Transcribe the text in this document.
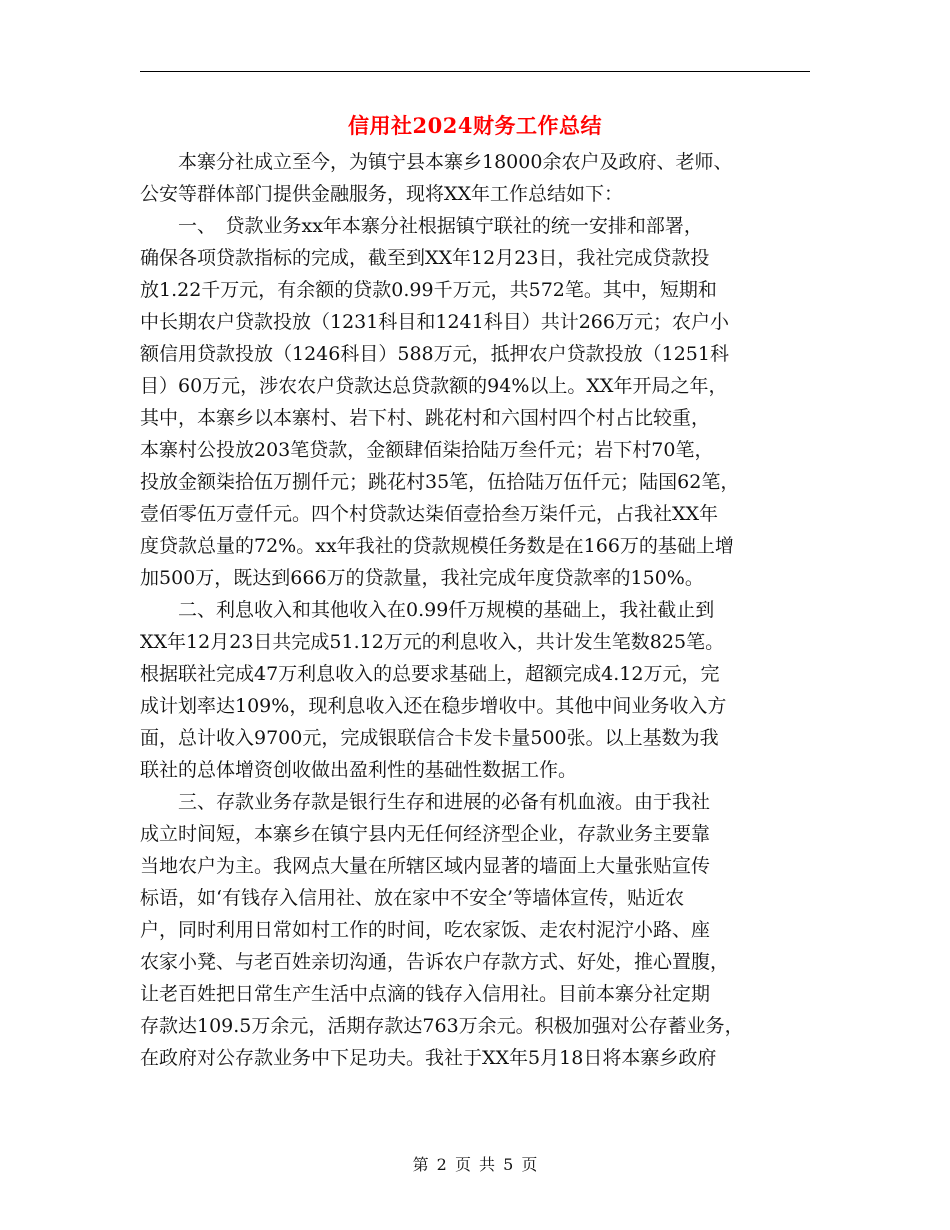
信用社2024财务工作总结
　　本寨分社成立至今，为镇宁县本寨乡18000余农户及政府、老师、
公安等群体部门提供金融服务，现将XX年工作总结如下：
　　一、　贷款业务xx年本寨分社根据镇宁联社的统一安排和部署，
确保各项贷款指标的完成，截至到XX年12月23日，我社完成贷款投
放1.22千万元，有余额的贷款0.99千万元，共572笔。其中，短期和
中长期农户贷款投放（1231科目和1241科目）共计266万元；农户小
额信用贷款投放（1246科目）588万元，抵押农户贷款投放（1251科
目）60万元，涉农农户贷款达总贷款额的94%以上。XX年开局之年，
其中，本寨乡以本寨村、岩下村、跳花村和六国村四个村占比较重，
本寨村公投放203笔贷款，金额肆佰柒拾陆万叁仟元；岩下村70笔，
投放金额柒拾伍万捌仟元；跳花村35笔，伍拾陆万伍仟元；陆国62笔，
壹佰零伍万壹仟元。四个村贷款达柒佰壹拾叁万柒仟元，占我社XX年
度贷款总量的72%。xx年我社的贷款规模任务数是在166万的基础上增
加500万，既达到666万的贷款量，我社完成年度贷款率的150%。
　　二、利息收入和其他收入在0.99仟万规模的基础上，我社截止到
XX年12月23日共完成51.12万元的利息收入，共计发生笔数825笔。
根据联社完成47万利息收入的总要求基础上，超额完成4.12万元，完
成计划率达109%，现利息收入还在稳步增收中。其他中间业务收入方
面，总计收入9700元，完成银联信合卡发卡量500张。以上基数为我
联社的总体增资创收做出盈利性的基础性数据工作。
　　三、存款业务存款是银行生存和进展的必备有机血液。由于我社
成立时间短，本寨乡在镇宁县内无任何经济型企业，存款业务主要靠
当地农户为主。我网点大量在所辖区域内显著的墙面上大量张贴宣传
标语，如‘有钱存入信用社、放在家中不安全’等墙体宣传，贴近农
户，同时利用日常如村工作的时间，吃农家饭、走农村泥泞小路、座
农家小凳、与老百姓亲切沟通，告诉农户存款方式、好处，推心置腹，
让老百姓把日常生产生活中点滴的钱存入信用社。目前本寨分社定期
存款达109.5万余元，活期存款达763万余元。积极加强对公存蓄业务，
在政府对公存款业务中下足功夫。我社于XX年5月18日将本寨乡政府
第 2 页 共 5 页
